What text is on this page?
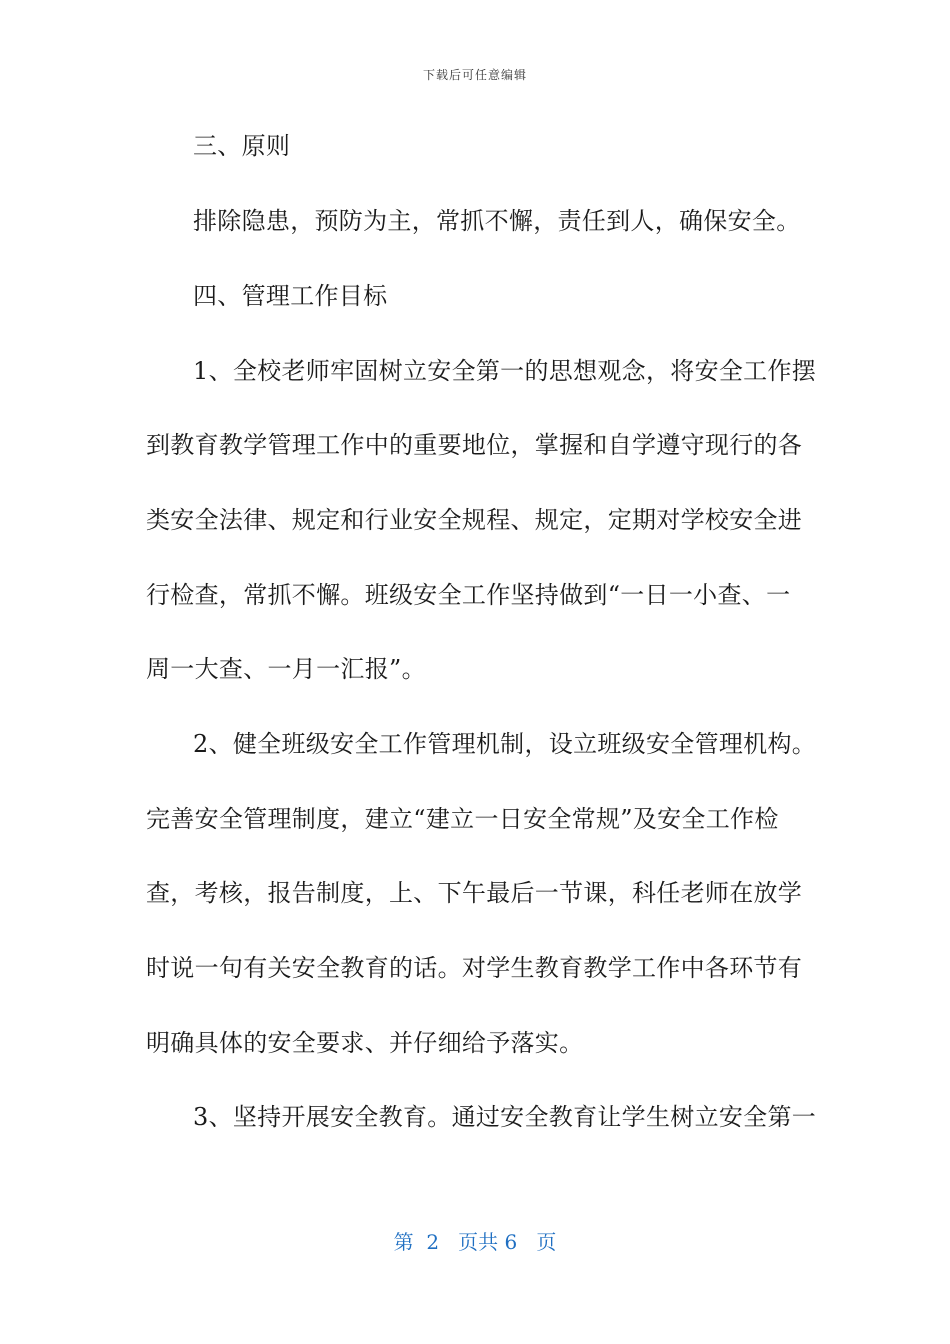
下载后可任意编辑
三、原则
排除隐患，预防为主，常抓不懈，责任到人，确保安全。
四、管理工作目标
1、全校老师牢固树立安全第一的思想观念，将安全工作摆
到教育教学管理工作中的重要地位，掌握和自学遵守现行的各
类安全法律、规定和行业安全规程、规定，定期对学校安全进
行检查，常抓不懈。班级安全工作坚持做到“一日一小查、一
周一大查、一月一汇报”。
2、健全班级安全工作管理机制，设立班级安全管理机构。
完善安全管理制度，建立“建立一日安全常规”及安全工作检
查，考核，报告制度，上、下午最后一节课，科任老师在放学
时说一句有关安全教育的话。对学生教育教学工作中各环节有
明确具体的安全要求、并仔细给予落实。
3、坚持开展安全教育。通过安全教育让学生树立安全第一
第 2 页共 6 页
